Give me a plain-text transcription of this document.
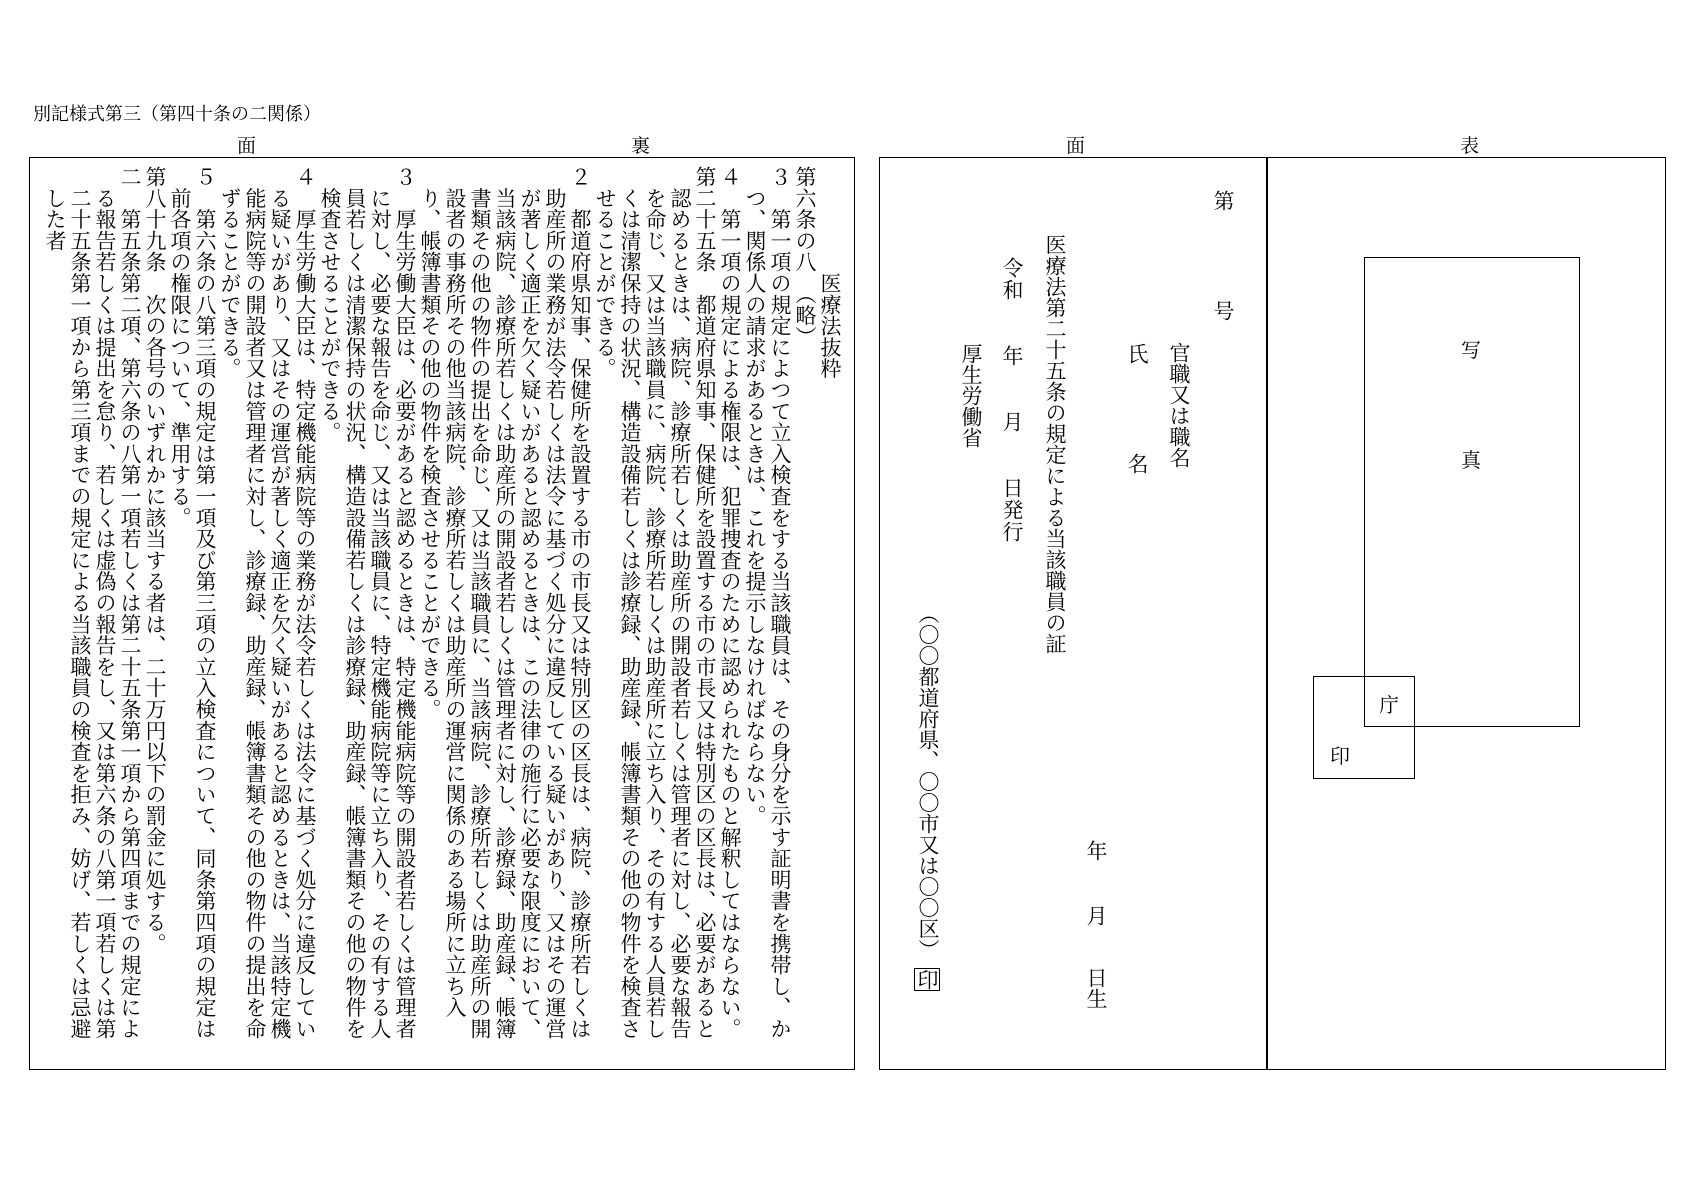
別記様式第三（第四十条の二関係）
面	裏	面	表
　　　　　医療法抜粋
第六条の八　（略）
３　第一項の規定によつて立入検査をする当該職員は、その身分を示す証明書を携帯し、か
　つ、関係人の請求があるときは、これを提示しなければならない。
４　第一項の規定による権限は、犯罪捜査のために認められたものと解釈してはならない。
第二十五条　都道府県知事、保健所を設置する市の市長又は特別区の区長は、必要があると
　認めるときは、病院、診療所若しくは助産所の開設者若しくは管理者に対し、必要な報告
　を命じ、又は当該職員に、病院、診療所若しくは助産所に立ち入り、その有する人員若し
　くは清潔保持の状況、構造設備若しくは診療録、助産録、帳簿書類その他の物件を検査さ
　せることができる。
２　都道府県知事、保健所を設置する市の市長又は特別区の区長は、病院、診療所若しくは
　助産所の業務が法令若しくは法令に基づく処分に違反している疑いがあり、又はその運営
　が著しく適正を欠く疑いがあると認めるときは、この法律の施行に必要な限度において、
　当該病院、診療所若しくは助産所の開設者若しくは管理者に対し、診療録、助産録、帳簿
　書類その他の物件の提出を命じ、又は当該職員に、当該病院、診療所若しくは助産所の開
　設者の事務所その他当該病院、診療所若しくは助産所の運営に関係のある場所に立ち入
　り、帳簿書類その他の物件を検査させることができる。
３　厚生労働大臣は、必要があると認めるときは、特定機能病院等の開設者若しくは管理者
　に対し、必要な報告を命じ、又は当該職員に、特定機能病院等に立ち入り、その有する人
　員若しくは清潔保持の状況、構造設備若しくは診療録、助産録、帳簿書類その他の物件を
　検査させることができる。
４　厚生労働大臣は、特定機能病院等の業務が法令若しくは法令に基づく処分に違反してい
　る疑いがあり、又はその運営が著しく適正を欠く疑いがあると認めるときは、当該特定機
　能病院等の開設者又は管理者に対し、診療録、助産録、帳簿書類その他の物件の提出を命
　ずることができる。
５　第六条の八第三項の規定は第一項及び第三項の立入検査について、同条第四項の規定は
　前各項の権限について、準用する。
第八十九条　次の各号のいずれかに該当する者は、二十万円以下の罰金に処する。
二　第五条第二項、第六条の八第一項若しくは第二十五条第一項から第四項までの規定によ
　る報告若しくは提出を怠り、若しくは虚偽の報告をし、又は第六条の八第一項若しくは第
　二十五条第一項から第三項までの規定による当該職員の検査を拒み、妨げ、若しくは忌避
　した者	第
号
官職又は職名
氏
名
医療法第二十五条の規定による当該職員の証
令和　　年　　月　　日発行
厚生労働省
（〇〇都道府県、〇〇市又は〇〇区）
印
年
月
日生
写
真
庁
印
